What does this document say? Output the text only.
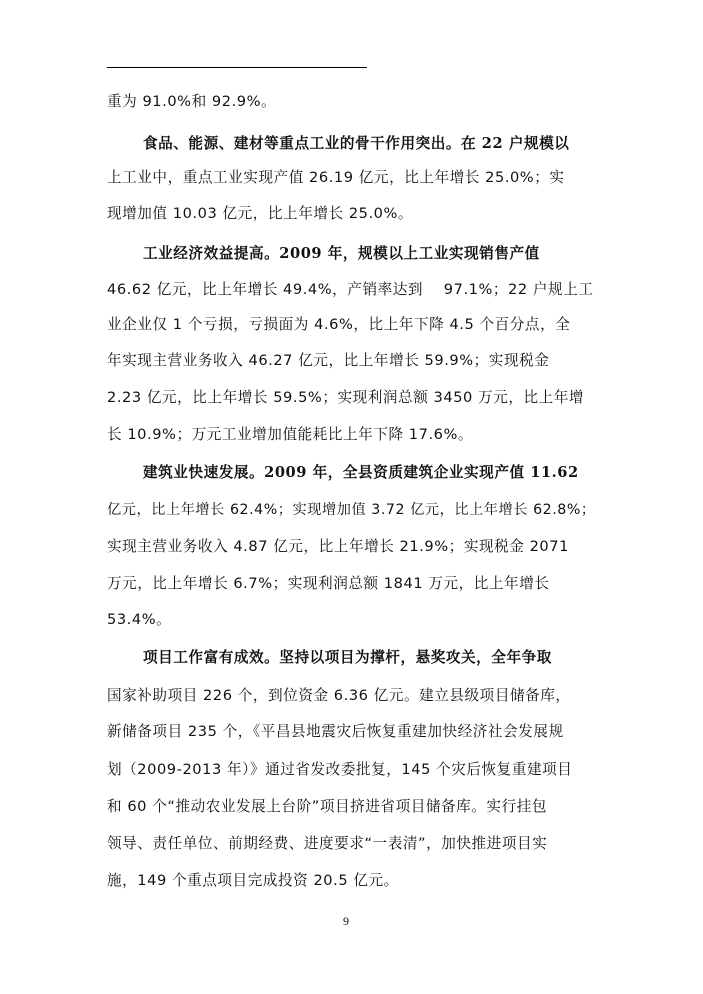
重为 91.0%和 92.9%。
食品、能源、建材等重点工业的骨干作用突出。在 22 户规模以
上工业中，重点工业实现产值 26.19 亿元，比上年增长 25.0%；实
现增加值 10.03 亿元，比上年增长 25.0%。
工业经济效益提高。2009 年，规模以上工业实现销售产值
46.62 亿元，比上年增长 49.4%，产销率达到    97.1%；22 户规上工
业企业仅 1 个亏损，亏损面为 4.6%，比上年下降 4.5 个百分点，全
年实现主营业务收入 46.27 亿元，比上年增长 59.9%；实现税金
2.23 亿元，比上年增长 59.5%；实现利润总额 3450 万元，比上年增
长 10.9%；万元工业增加值能耗比上年下降 17.6%。
建筑业快速发展。2009 年，全县资质建筑企业实现产值 11.62
亿元，比上年增长 62.4%；实现增加值 3.72 亿元，比上年增长 62.8%；
实现主营业务收入 4.87 亿元，比上年增长 21.9%；实现税金 2071
万元，比上年增长 6.7%；实现利润总额 1841 万元，比上年增长
53.4%。
项目工作富有成效。坚持以项目为撑杆，悬奖攻关，全年争取
国家补助项目 226 个，到位资金 6.36 亿元。建立县级项目储备库，
新储备项目 235 个，《平昌县地震灾后恢复重建加快经济社会发展规
划（2009-2013 年）》通过省发改委批复，145 个灾后恢复重建项目
和 60 个“推动农业发展上台阶”项目挤进省项目储备库。实行挂包
领导、责任单位、前期经费、进度要求“一表清”，加快推进项目实
施，149 个重点项目完成投资 20.5 亿元。
9
